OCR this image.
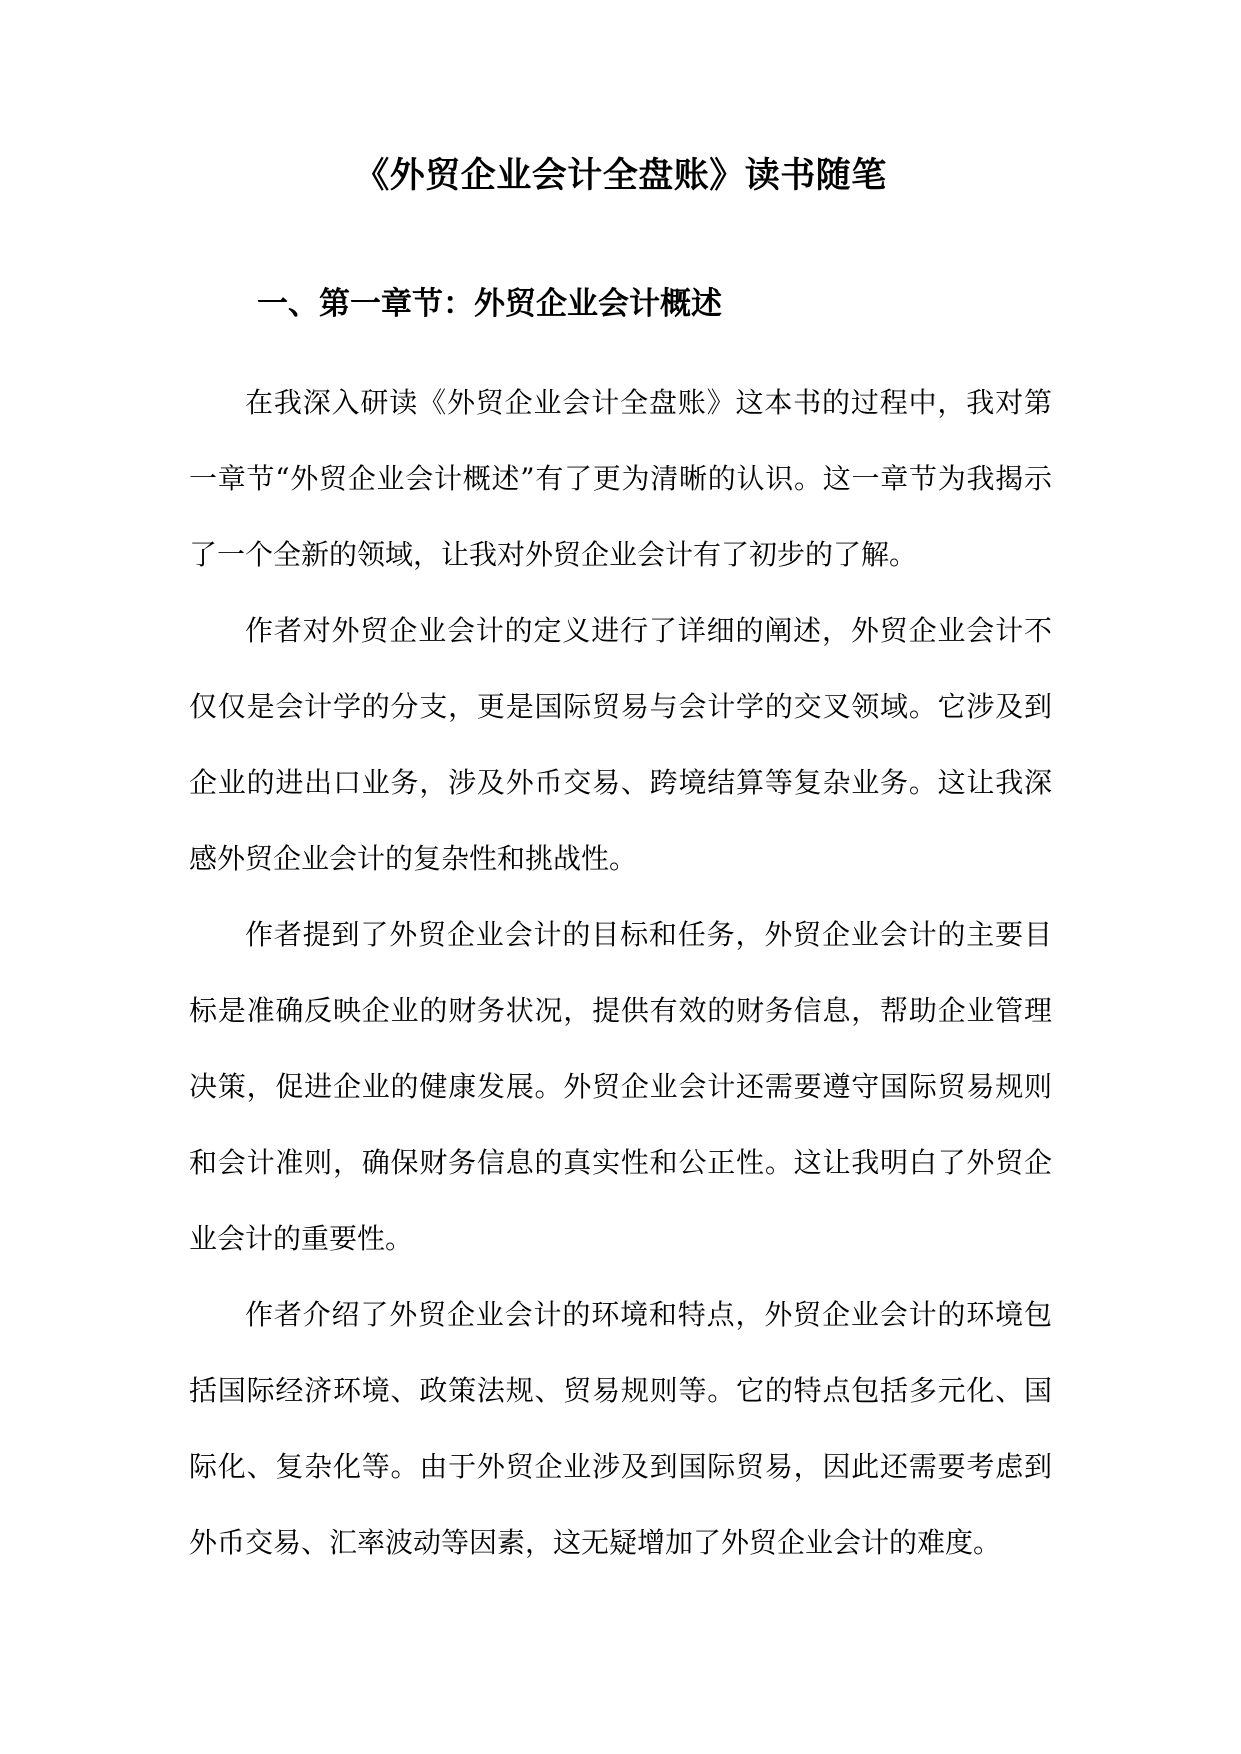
《外贸企业会计全盘账》读书随笔
一、第一章节：外贸企业会计概述

在我深入研读《外贸企业会计全盘账》这本书的过程中，我对第一章节“外贸企业会计概述”有了更为清晰的认识。这一章节为我揭示了一个全新的领域，让我对外贸企业会计有了初步的了解。

作者对外贸企业会计的定义进行了详细的阐述，外贸企业会计不仅仅是会计学的分支，更是国际贸易与会计学的交叉领域。它涉及到企业的进出口业务，涉及外币交易、跨境结算等复杂业务。这让我深感外贸企业会计的复杂性和挑战性。

作者提到了外贸企业会计的目标和任务，外贸企业会计的主要目标是准确反映企业的财务状况，提供有效的财务信息，帮助企业管理决策，促进企业的健康发展。外贸企业会计还需要遵守国际贸易规则和会计准则，确保财务信息的真实性和公正性。这让我明白了外贸企业会计的重要性。

作者介绍了外贸企业会计的环境和特点，外贸企业会计的环境包括国际经济环境、政策法规、贸易规则等。它的特点包括多元化、国际化、复杂化等。由于外贸企业涉及到国际贸易，因此还需要考虑到外币交易、汇率波动等因素，这无疑增加了外贸企业会计的难度。
